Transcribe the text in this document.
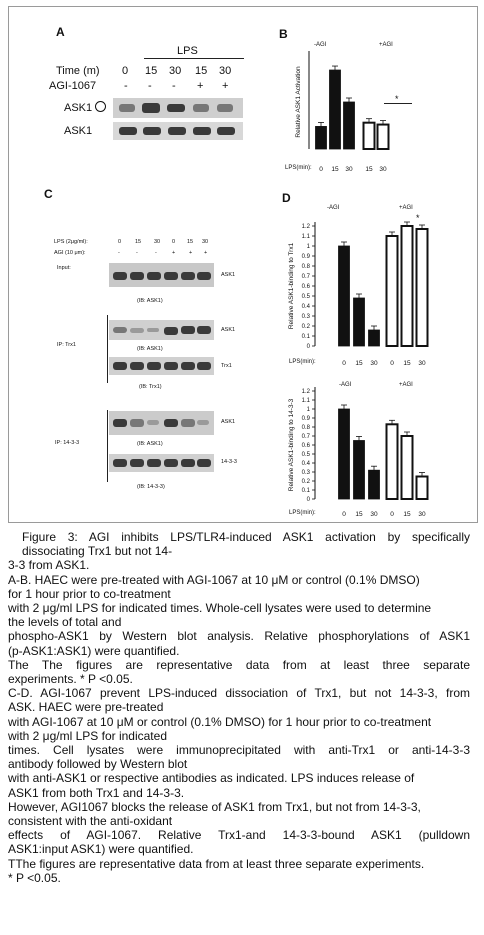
A
LPS
Time (m) 0 15 30 15 30
AGI-1067	- - - + +
ASK1
ASK1
B
-AGI	+AGI
LPS(min):
*
Relative ASK1 Activation
0 15 30 15 30
C
LPS (2μg/ml):
AGI (10 μm):
0	15 30 0 15 30
-	-	-	+	+ +
Input:
ASK1
(IB: ASK1)
IP: Trx1
ASK1
(IB: ASK1)
Trx1
(IB: Trx1)
IP: 14-3-3
ASK1
(IB: ASK1)
14-3-3
(IB: 14-3-3)
D
-AGI	+AGI
*
LPS(min):
Relative ASK1-binding to Trx1
0
0.1
0.2
0.3
0.4
0.5
0.6
0.7
0.8
0.9
1
1.1
1.2
0 15 30 0 15 30
-AGI	+AGI
LPS(min):
Relative ASK1-binding to 14-3-3
0
0.1
0.2
0.3
0.4
0.5
0.6
0.7
0.8
0.9
1
1.1
1.2
0 15 30 0 15 30
Figure 3: AGI inhibits LPS/TLR4-induced ASK1 activation by specifically
dissociating Trx1 but not 14-
3-3 from ASK1.
A-B. HAEC were pre-treated with AGI-1067 at 10 μM or control (0.1% DMSO)
for 1 hour prior to co-treatment
with 2 μg/ml LPS for indicated times. Whole-cell lysates were used to determine
the levels of total and
phospho-ASK1 by Western blot analysis. Relative phosphorylations of ASK1
(p-ASK1:ASK1) were quantified.
The The figures are representative data from at least three separate
experiments. * P <0.05.
C-D. AGI-1067 prevent LPS-induced dissociation of Trx1, but not 14-3-3, from
ASK. HAEC were pre-treated
with AGI-1067 at 10 μM or control (0.1% DMSO) for 1 hour prior to co-treatment
with 2 μg/ml LPS for indicated
times. Cell lysates were immunoprecipitated with anti-Trx1 or anti-14-3-3
antibody followed by Western blot
with anti-ASK1 or respective antibodies as indicated. LPS induces release of
ASK1 from both Trx1 and 14-3-3.
However, AGI1067 blocks the release of ASK1 from Trx1, but not from 14-3-3,
consistent with the anti-oxidant
effects of AGI-1067. Relative Trx1-and 14-3-3-bound ASK1 (pulldown
ASK1:input ASK1) were quantified.
TThe figures are representative data from at least three separate experiments.
* P <0.05.
